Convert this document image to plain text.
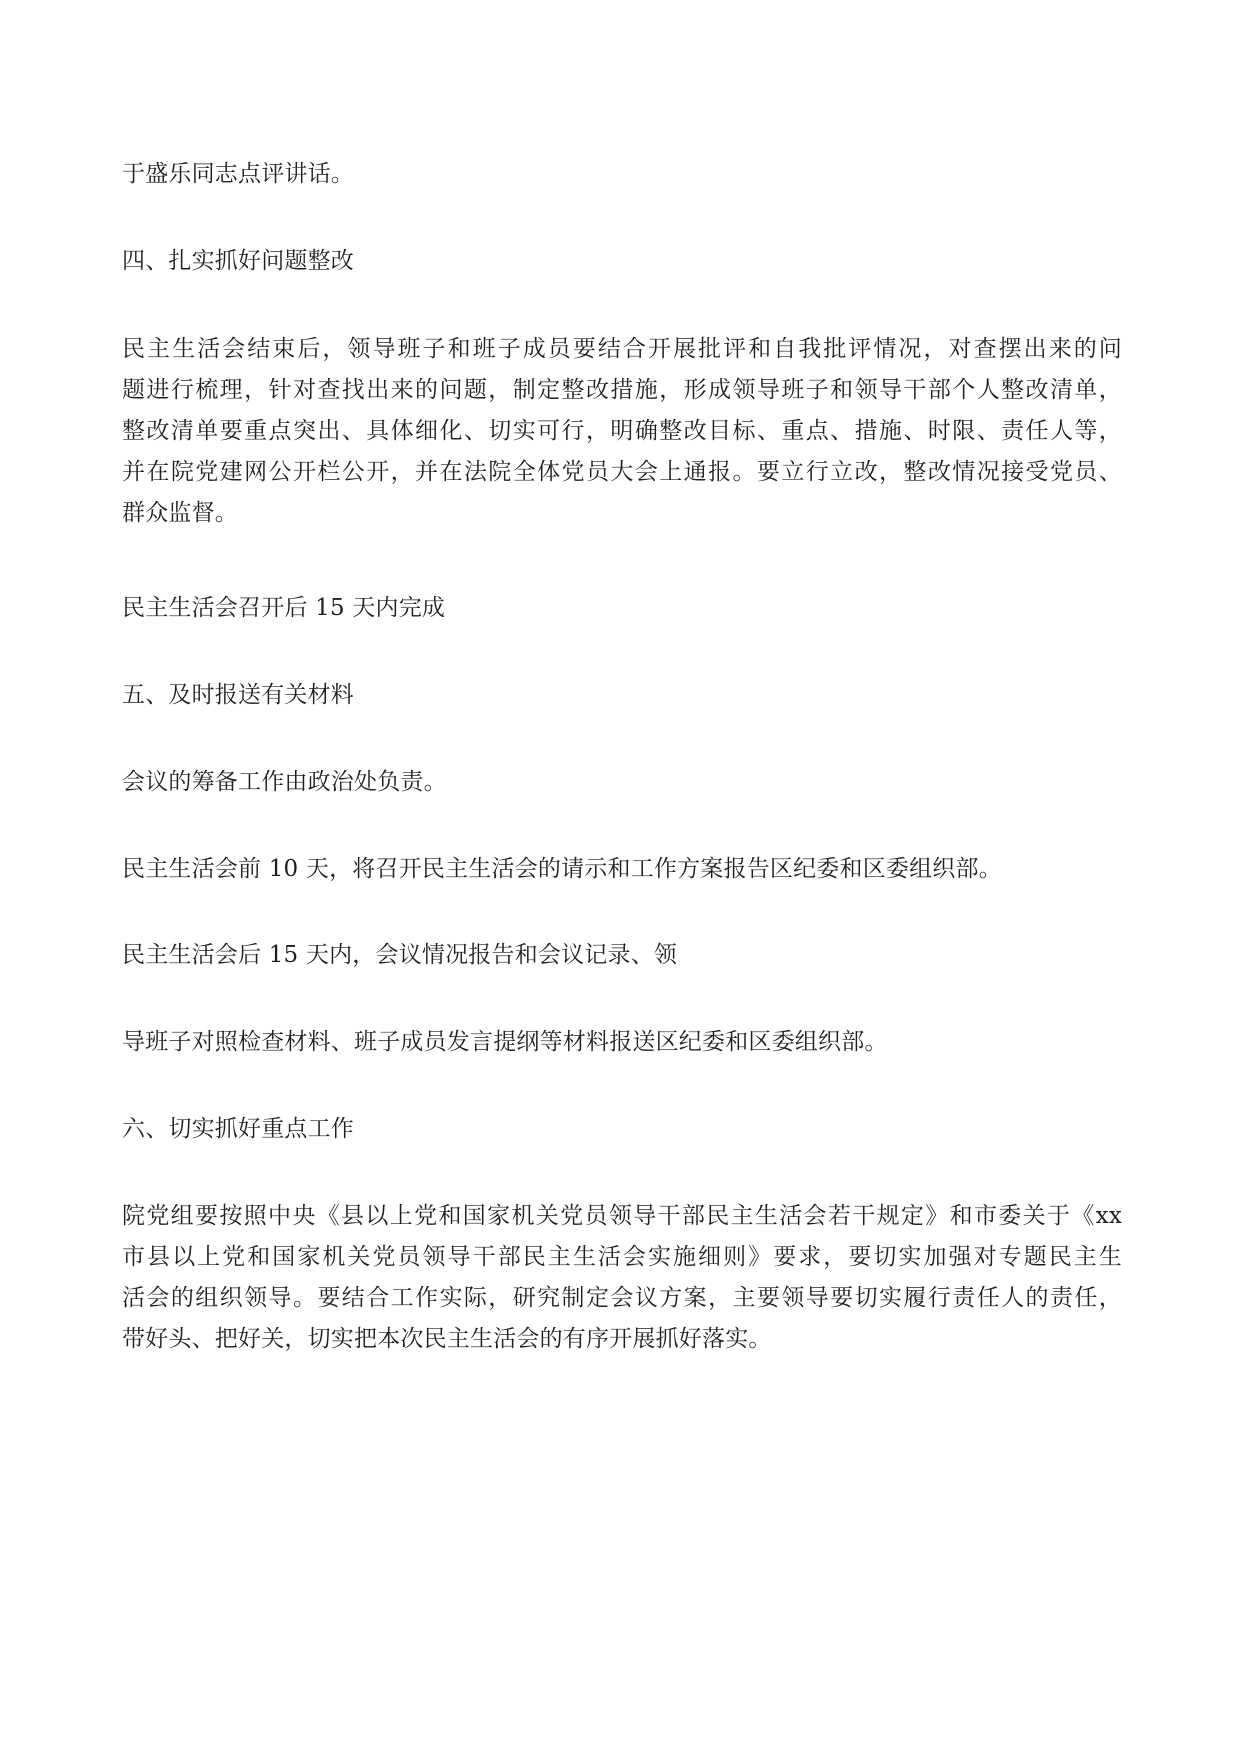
于盛乐同志点评讲话。

四、扎实抓好问题整改

民主生活会结束后，领导班子和班子成员要结合开展批评和自我批评情况，对查摆出来的问
题进行梳理，针对查找出来的问题，制定整改措施，形成领导班子和领导干部个人整改清单，
整改清单要重点突出、具体细化、切实可行，明确整改目标、重点、措施、时限、责任人等，
并在院党建网公开栏公开，并在法院全体党员大会上通报。要立行立改，整改情况接受党员、
群众监督。

民主生活会召开后 15 天内完成

五、及时报送有关材料

会议的筹备工作由政治处负责。

民主生活会前 10 天，将召开民主生活会的请示和工作方案报告区纪委和区委组织部。

民主生活会后 15 天内，会议情况报告和会议记录、领

导班子对照检查材料、班子成员发言提纲等材料报送区纪委和区委组织部。

六、切实抓好重点工作

院党组要按照中央《县以上党和国家机关党员领导干部民主生活会若干规定》和市委关于《xx
市县以上党和国家机关党员领导干部民主生活会实施细则》要求，要切实加强对专题民主生
活会的组织领导。要结合工作实际，研究制定会议方案，主要领导要切实履行责任人的责任，
带好头、把好关，切实把本次民主生活会的有序开展抓好落实。
